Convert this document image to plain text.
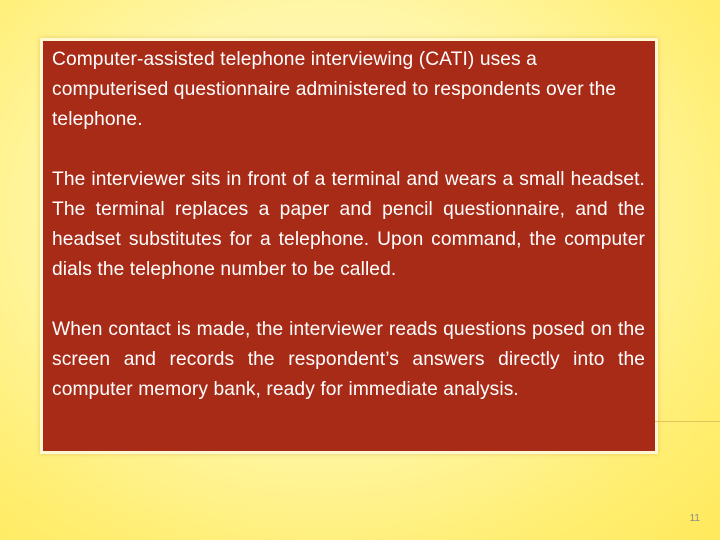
Computer-assisted telephone interviewing (CATI) uses a computerised questionnaire administered to respondents over the telephone.

The interviewer sits in front of a terminal and wears a small headset. The terminal replaces a paper and pencil questionnaire, and the headset substitutes for a telephone. Upon command, the computer dials the telephone number to be called.

When contact is made, the interviewer reads questions posed on the screen and records the respondent’s answers directly into the computer memory bank, ready for immediate analysis.

11
